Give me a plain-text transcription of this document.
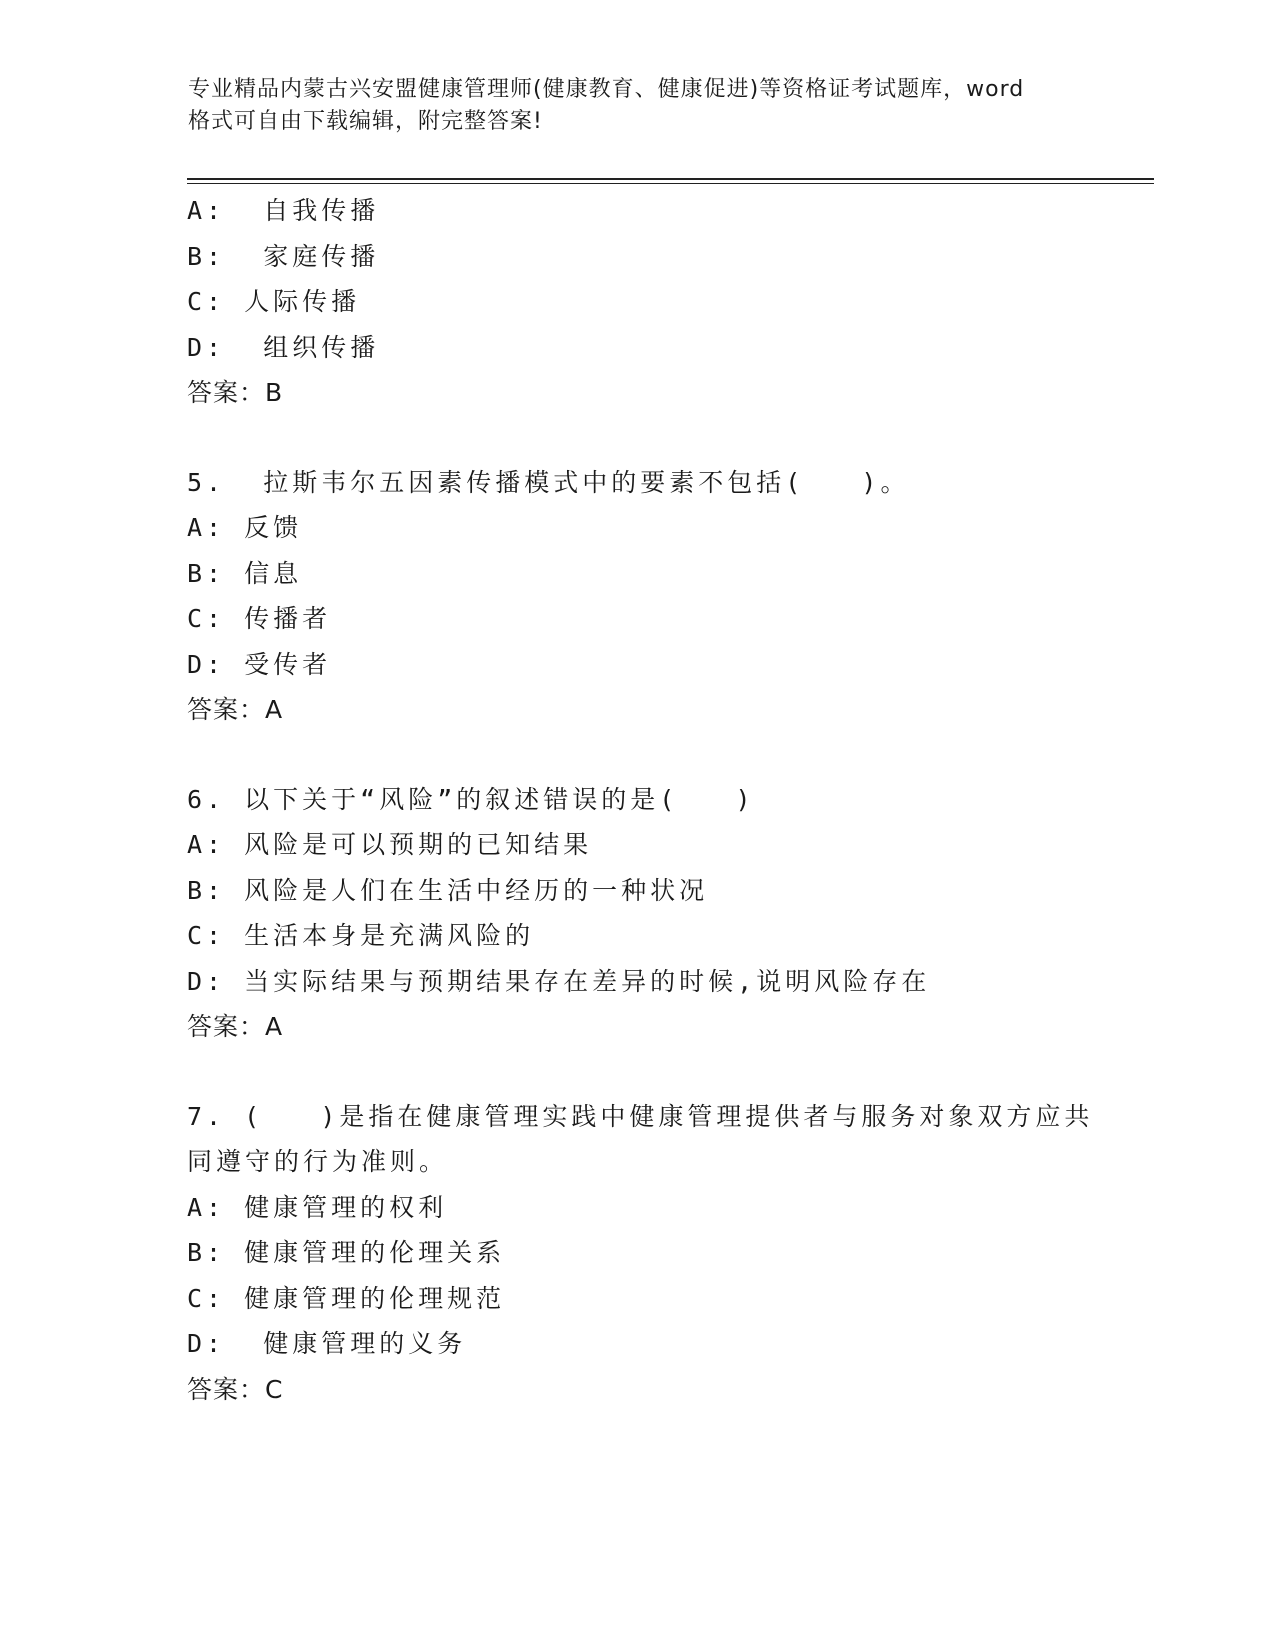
专业精品内蒙古兴安盟健康管理师(健康教育、健康促进)等资格证考试题库，word
格式可自由下载编辑，附完整答案!
A:  自我传播
B:  家庭传播
C: 人际传播
D:  组织传播
答案：B
5.  拉斯韦尔五因素传播模式中的要素不包括(   )。
A: 反馈
B: 信息
C: 传播者
D: 受传者
答案：A
6. 以下关于“风险”的叙述错误的是(   )
A: 风险是可以预期的已知结果
B: 风险是人们在生活中经历的一种状况
C: 生活本身是充满风险的
D: 当实际结果与预期结果存在差异的时候,说明风险存在
答案：A
7. (   )是指在健康管理实践中健康管理提供者与服务对象双方应共
同遵守的行为准则。
A: 健康管理的权利
B: 健康管理的伦理关系
C: 健康管理的伦理规范
D:  健康管理的义务
答案：C
